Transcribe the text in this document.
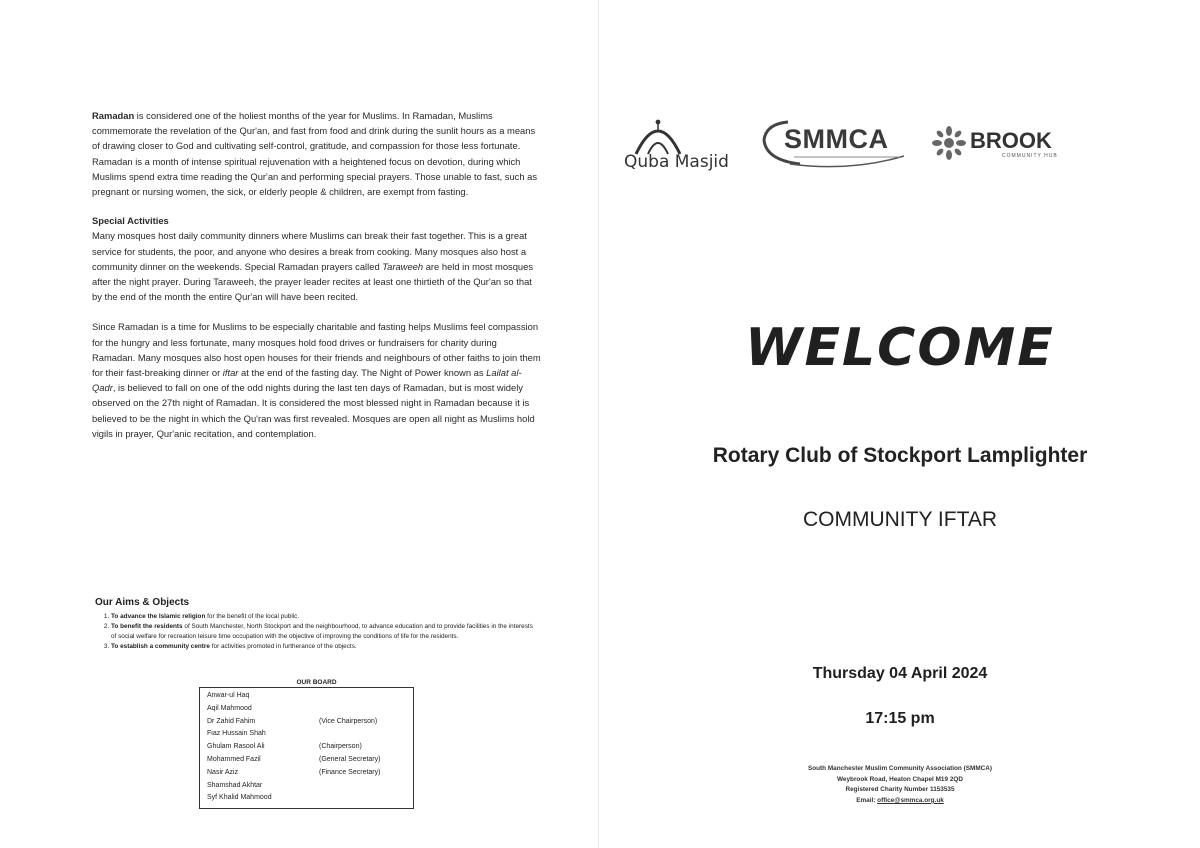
Ramadan is considered one of the holiest months of the year for Muslims. In Ramadan, Muslims commemorate the revelation of the Qur'an, and fast from food and drink during the sunlit hours as a means of drawing closer to God and cultivating self-control, gratitude, and compassion for those less fortunate. Ramadan is a month of intense spiritual rejuvenation with a heightened focus on devotion, during which Muslims spend extra time reading the Qur'an and performing special prayers. Those unable to fast, such as pregnant or nursing women, the sick, or elderly people & children, are exempt from fasting.

Special Activities

Many mosques host daily community dinners where Muslims can break their fast together. This is a great service for students, the poor, and anyone who desires a break from cooking. Many mosques also host a community dinner on the weekends. Special Ramadan prayers called Taraweeh are held in most mosques after the night prayer. During Taraweeh, the prayer leader recites at least one thirtieth of the Qur'an so that by the end of the month the entire Qur'an will have been recited.

Since Ramadan is a time for Muslims to be especially charitable and fasting helps Muslims feel compassion for the hungry and less fortunate, many mosques hold food drives or fundraisers for charity during Ramadan. Many mosques also host open houses for their friends and neighbours of other faiths to join them for their fast-breaking dinner or iftar at the end of the fasting day. The Night of Power known as Lailat al-Qadr, is believed to fall on one of the odd nights during the last ten days of Ramadan, but is most widely observed on the 27th night of Ramadan. It is considered the most blessed night in Ramadan because it is believed to be the night in which the Qu'ran was first revealed. Mosques are open all night as Muslims hold vigils in prayer, Qur'anic recitation, and contemplation.

Our Aims & Objects
1. To advance the Islamic religion for the benefit of the local public.
2. To benefit the residents of South Manchester, North Stockport and the neighbourhood, to advance education and to provide facilities in the interests of social welfare for recreation leisure time occupation with the objective of improving the conditions of life for the residents.
3. To establish a community centre for activities promoted in furtherance of the objects.
OUR BOARD
Anwar-ul Haq
Aqil Mahmood
Dr Zahid Fahim	(Vice Chairperson)
Fiaz Hussain Shah
Ghulam Rasool Ali	(Chairperson)
Mohammed Fazil	(General Secretary)
Nasir Aziz	(Finance Secretary)
Shamshad Akhtar
Syf Khalid Mahmood
Quba Masjid
SMMCA	BROOK
COMMUNITY HUB
WELCOME
Rotary Club of Stockport Lamplighter
COMMUNITY IFTAR
Thursday 04 April 2024
17:15 pm
South Manchester Muslim Community Association (SMMCA)
Weybrook Road, Heaton Chapel M19 2QD
Registered Charity Number 1153535
Email: office@smmca.org.uk
